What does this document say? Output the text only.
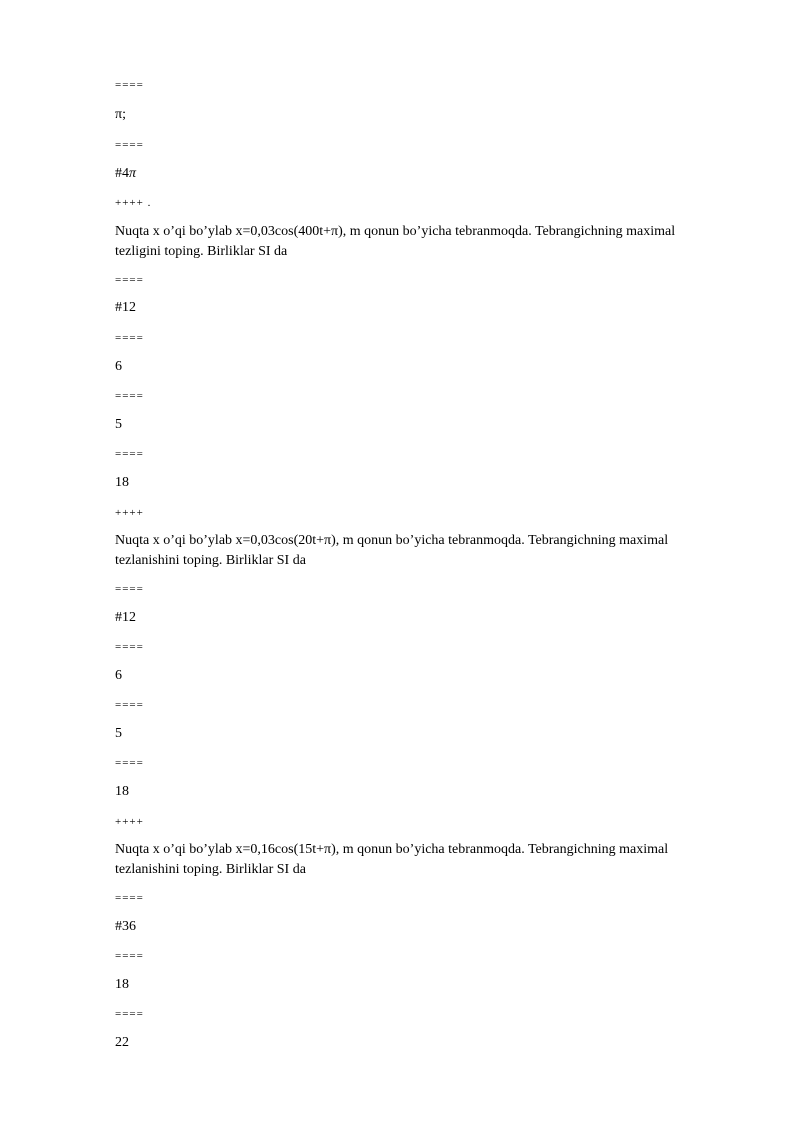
====
π;
====
#4π
++++ .
Nuqta x o’qi bo’ylab x=0,03cos(400t+π), m qonun bo’yicha tebranmoqda. Tebrangichning maximal tezligini toping. Birliklar SI da
====
#12
====
6
====
5
====
18
++++
Nuqta x o’qi bo’ylab x=0,03cos(20t+π), m qonun bo’yicha tebranmoqda. Tebrangichning maximal tezlanishini toping. Birliklar SI da
====
#12
====
6
====
5
====
18
++++
Nuqta x o’qi bo’ylab x=0,16cos(15t+π), m qonun bo’yicha tebranmoqda. Tebrangichning maximal tezlanishini toping. Birliklar SI da
====
#36
====
18
====
22
